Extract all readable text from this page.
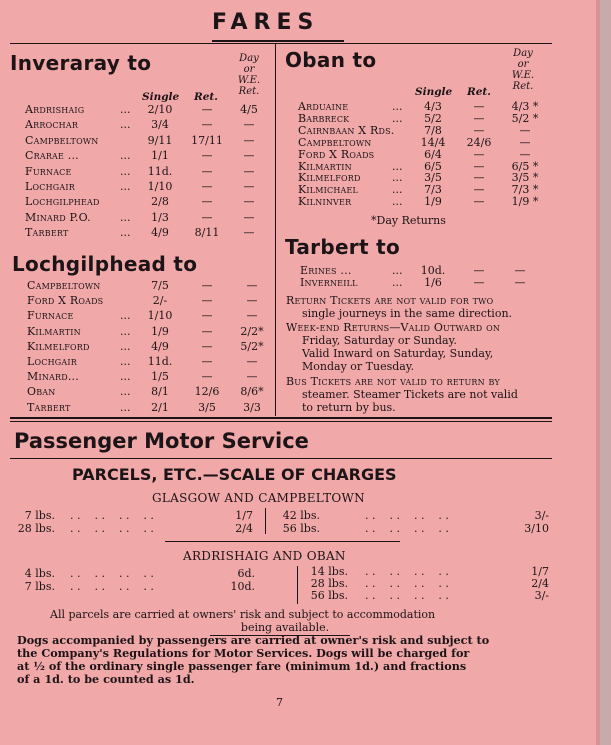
FARES
Inveraray to	Day
or
W.E.
Ret.
Single Ret.
Ardrishaig	...	2/10	—	4/5
Arrochar	...	3/4	—	—
Campbeltown	9/11	17/11	—
Crarae ...	...	1/1	—	—
Furnace	...	11d.	—	—
Lochgair	...	1/10	—	—
Lochgilphead	2/8	—	—
Minard P.O.	...	1/3	—	—
Tarbert	...	4/9	8/11	—
Lochgilphead to
Campbeltown	7/5	—	—
Ford X Roads	2/-	—	—
Furnace	...	1/10	—	—
Kilmartin	...	1/9	—	2/2*
Kilmelford	...	4/9	—	5/2*
Lochgair	...	11d.	—	—
Minard...	...	1/5	—	—
Oban	...	8/1	12/6	8/6*
Tarbert	...	2/1	3/5	3/3
Oban to	Day
or
W.E.
Ret.
Single Ret.
Arduaine	...	4/3	—	4/3 *
Barbreck	...	5/2	—	5/2 *
Cairnbaan X Rds.	7/8	—	—
Campbeltown	14/4	24/6	—
Ford X Roads	6/4	—	—
Kilmartin	...	6/5	—	6/5 *
Kilmelford	...	3/5	—	3/5 *
Kilmichael	...	7/3	—	7/3 *
Kilninver	...	1/9	—	1/9 *
*Day Returns
Tarbert to
Erines ...	...	10d.	—	—
Inverneill	...	1/6	—	—
Return Tickets are not valid for two
single journeys in the same direction.
Week-end Returns—Valid Outward on
Friday, Saturday or Sunday.
Valid Inward on Saturday, Sunday,
Monday or Tuesday.
Bus Tickets are not valid to return by
steamer. Steamer Tickets are not valid
to return by bus.
Passenger Motor Service
PARCELS, ETC.—SCALE OF CHARGES
GLASGOW AND CAMPBELTOWN
7 lbs. . .    . .    . .    . .	1/7
28 lbs. . .    . .    . .    . .	2/4
42 lbs.	. .    . .    . .    . .	3/-
56 lbs.	. .    . .    . .    . .	3/10
ARDRISHAIG AND OBAN
4 lbs. . .    . .    . .    . .	6d.
7 lbs. . .    . .    . .    . .	10d.
14 lbs. . .    . .    . .    . .	1/7
28 lbs. . .    . .    . .    . .	2/4
56 lbs. . .    . .    . .    . .	3/-
All parcels are carried at owners' risk and subject to accommodation
being available.
Dogs accompanied by passengers are carried at owner's risk and subject to
the Company's Regulations for Motor Services. Dogs will be charged for
at ½ of the ordinary single passenger fare (minimum 1d.) and fractions
of a 1d. to be counted as 1d.
7
